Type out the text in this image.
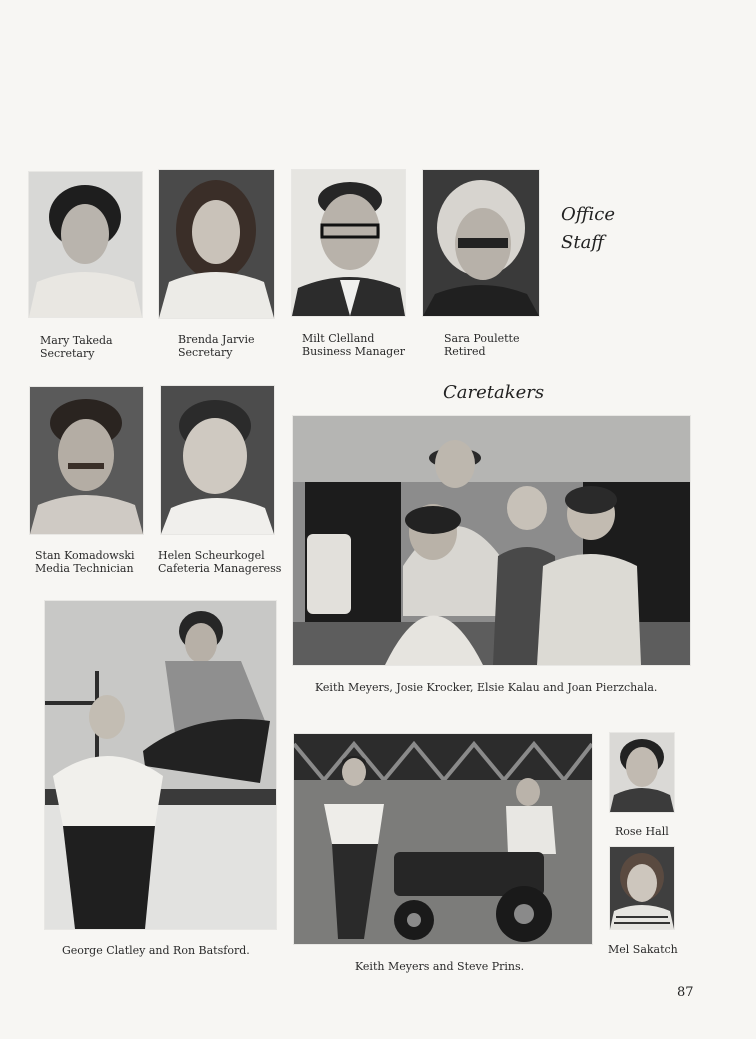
Office
Staff
Mary Takeda
Secretary
Brenda Jarvie
Secretary
Milt Clelland
Business Manager
Sara Poulette
Retired
Stan Komadowski
Media Technician
Helen Scheurkogel
Cafeteria Manageress
Caretakers
Keith Meyers, Josie Krocker, Elsie Kalau and Joan Pierzchala.
George Clatley and Ron Batsford.
Keith Meyers and Steve Prins.
Rose Hall
Mel Sakatch
87
